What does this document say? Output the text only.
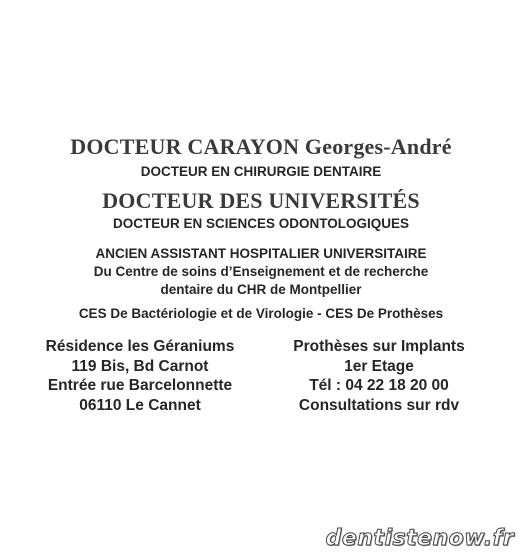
DOCTEUR CARAYON Georges-André
DOCTEUR EN CHIRURGIE DENTAIRE
DOCTEUR DES UNIVERSITÉS
DOCTEUR EN SCIENCES ODONTOLOGIQUES
ANCIEN ASSISTANT HOSPITALIER UNIVERSITAIRE
Du Centre de soins d’Enseignement et de recherche
dentaire du CHR de Montpellier
CES De Bactériologie et de Virologie - CES De Prothèses
Résidence les Géraniums
119 Bis, Bd Carnot
Entrée rue Barcelonnette
06110 Le Cannet
Prothèses sur Implants
1er Etage
Tél : 04 22 18 20 00
Consultations sur rdv
dentistenow.fr
